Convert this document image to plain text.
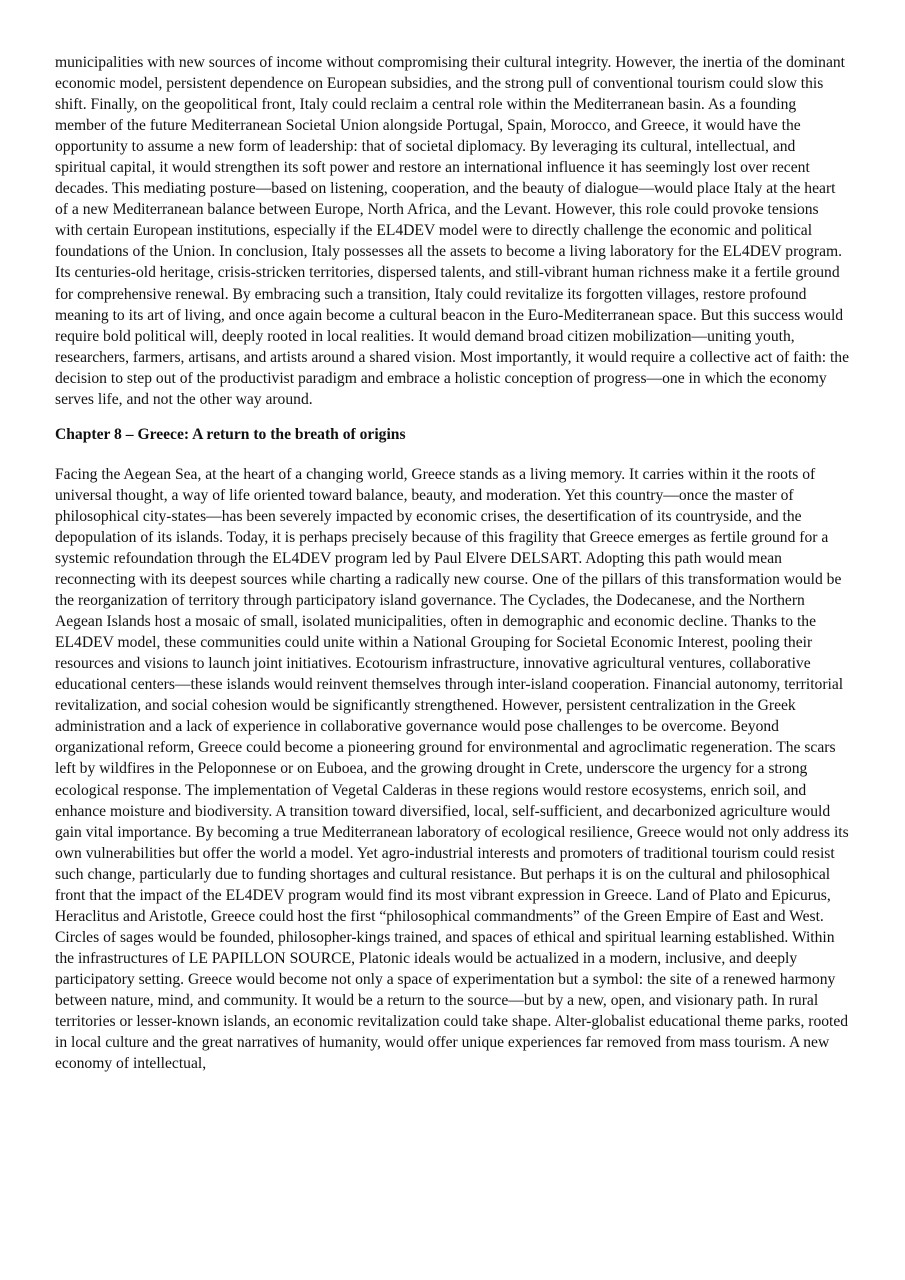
municipalities with new sources of income without compromising their cultural integrity. However, the inertia of the dominant economic model, persistent dependence on European subsidies, and the strong pull of conventional tourism could slow this shift. Finally, on the geopolitical front, Italy could reclaim a central role within the Mediterranean basin. As a founding member of the future Mediterranean Societal Union alongside Portugal, Spain, Morocco, and Greece, it would have the opportunity to assume a new form of leadership: that of societal diplomacy. By leveraging its cultural, intellectual, and spiritual capital, it would strengthen its soft power and restore an international influence it has seemingly lost over recent decades. This mediating posture—based on listening, cooperation, and the beauty of dialogue—would place Italy at the heart of a new Mediterranean balance between Europe, North Africa, and the Levant. However, this role could provoke tensions with certain European institutions, especially if the EL4DEV model were to directly challenge the economic and political foundations of the Union. In conclusion, Italy possesses all the assets to become a living laboratory for the EL4DEV program. Its centuries-old heritage, crisis-stricken territories, dispersed talents, and still-vibrant human richness make it a fertile ground for comprehensive renewal. By embracing such a transition, Italy could revitalize its forgotten villages, restore profound meaning to its art of living, and once again become a cultural beacon in the Euro-Mediterranean space. But this success would require bold political will, deeply rooted in local realities. It would demand broad citizen mobilization—uniting youth, researchers, farmers, artisans, and artists around a shared vision. Most importantly, it would require a collective act of faith: the decision to step out of the productivist paradigm and embrace a holistic conception of progress—one in which the economy serves life, and not the other way around.

Chapter 8 – Greece: A return to the breath of origins

Facing the Aegean Sea, at the heart of a changing world, Greece stands as a living memory. It carries within it the roots of universal thought, a way of life oriented toward balance, beauty, and moderation. Yet this country—once the master of philosophical city-states—has been severely impacted by economic crises, the desertification of its countryside, and the depopulation of its islands. Today, it is perhaps precisely because of this fragility that Greece emerges as fertile ground for a systemic refoundation through the EL4DEV program led by Paul Elvere DELSART. Adopting this path would mean reconnecting with its deepest sources while charting a radically new course. One of the pillars of this transformation would be the reorganization of territory through participatory island governance. The Cyclades, the Dodecanese, and the Northern Aegean Islands host a mosaic of small, isolated municipalities, often in demographic and economic decline. Thanks to the EL4DEV model, these communities could unite within a National Grouping for Societal Economic Interest, pooling their resources and visions to launch joint initiatives. Ecotourism infrastructure, innovative agricultural ventures, collaborative educational centers—these islands would reinvent themselves through inter-island cooperation. Financial autonomy, territorial revitalization, and social cohesion would be significantly strengthened. However, persistent centralization in the Greek administration and a lack of experience in collaborative governance would pose challenges to be overcome. Beyond organizational reform, Greece could become a pioneering ground for environmental and agroclimatic regeneration. The scars left by wildfires in the Peloponnese or on Euboea, and the growing drought in Crete, underscore the urgency for a strong ecological response. The implementation of Vegetal Calderas in these regions would restore ecosystems, enrich soil, and enhance moisture and biodiversity. A transition toward diversified, local, self-sufficient, and decarbonized agriculture would gain vital importance. By becoming a true Mediterranean laboratory of ecological resilience, Greece would not only address its own vulnerabilities but offer the world a model. Yet agro-industrial interests and promoters of traditional tourism could resist such change, particularly due to funding shortages and cultural resistance. But perhaps it is on the cultural and philosophical front that the impact of the EL4DEV program would find its most vibrant expression in Greece. Land of Plato and Epicurus, Heraclitus and Aristotle, Greece could host the first “philosophical commandments” of the Green Empire of East and West. Circles of sages would be founded, philosopher-kings trained, and spaces of ethical and spiritual learning established. Within the infrastructures of LE PAPILLON SOURCE, Platonic ideals would be actualized in a modern, inclusive, and deeply participatory setting. Greece would become not only a space of experimentation but a symbol: the site of a renewed harmony between nature, mind, and community. It would be a return to the source—but by a new, open, and visionary path. In rural territories or lesser-known islands, an economic revitalization could take shape. Alter-globalist educational theme parks, rooted in local culture and the great narratives of humanity, would offer unique experiences far removed from mass tourism. A new economy of intellectual,
